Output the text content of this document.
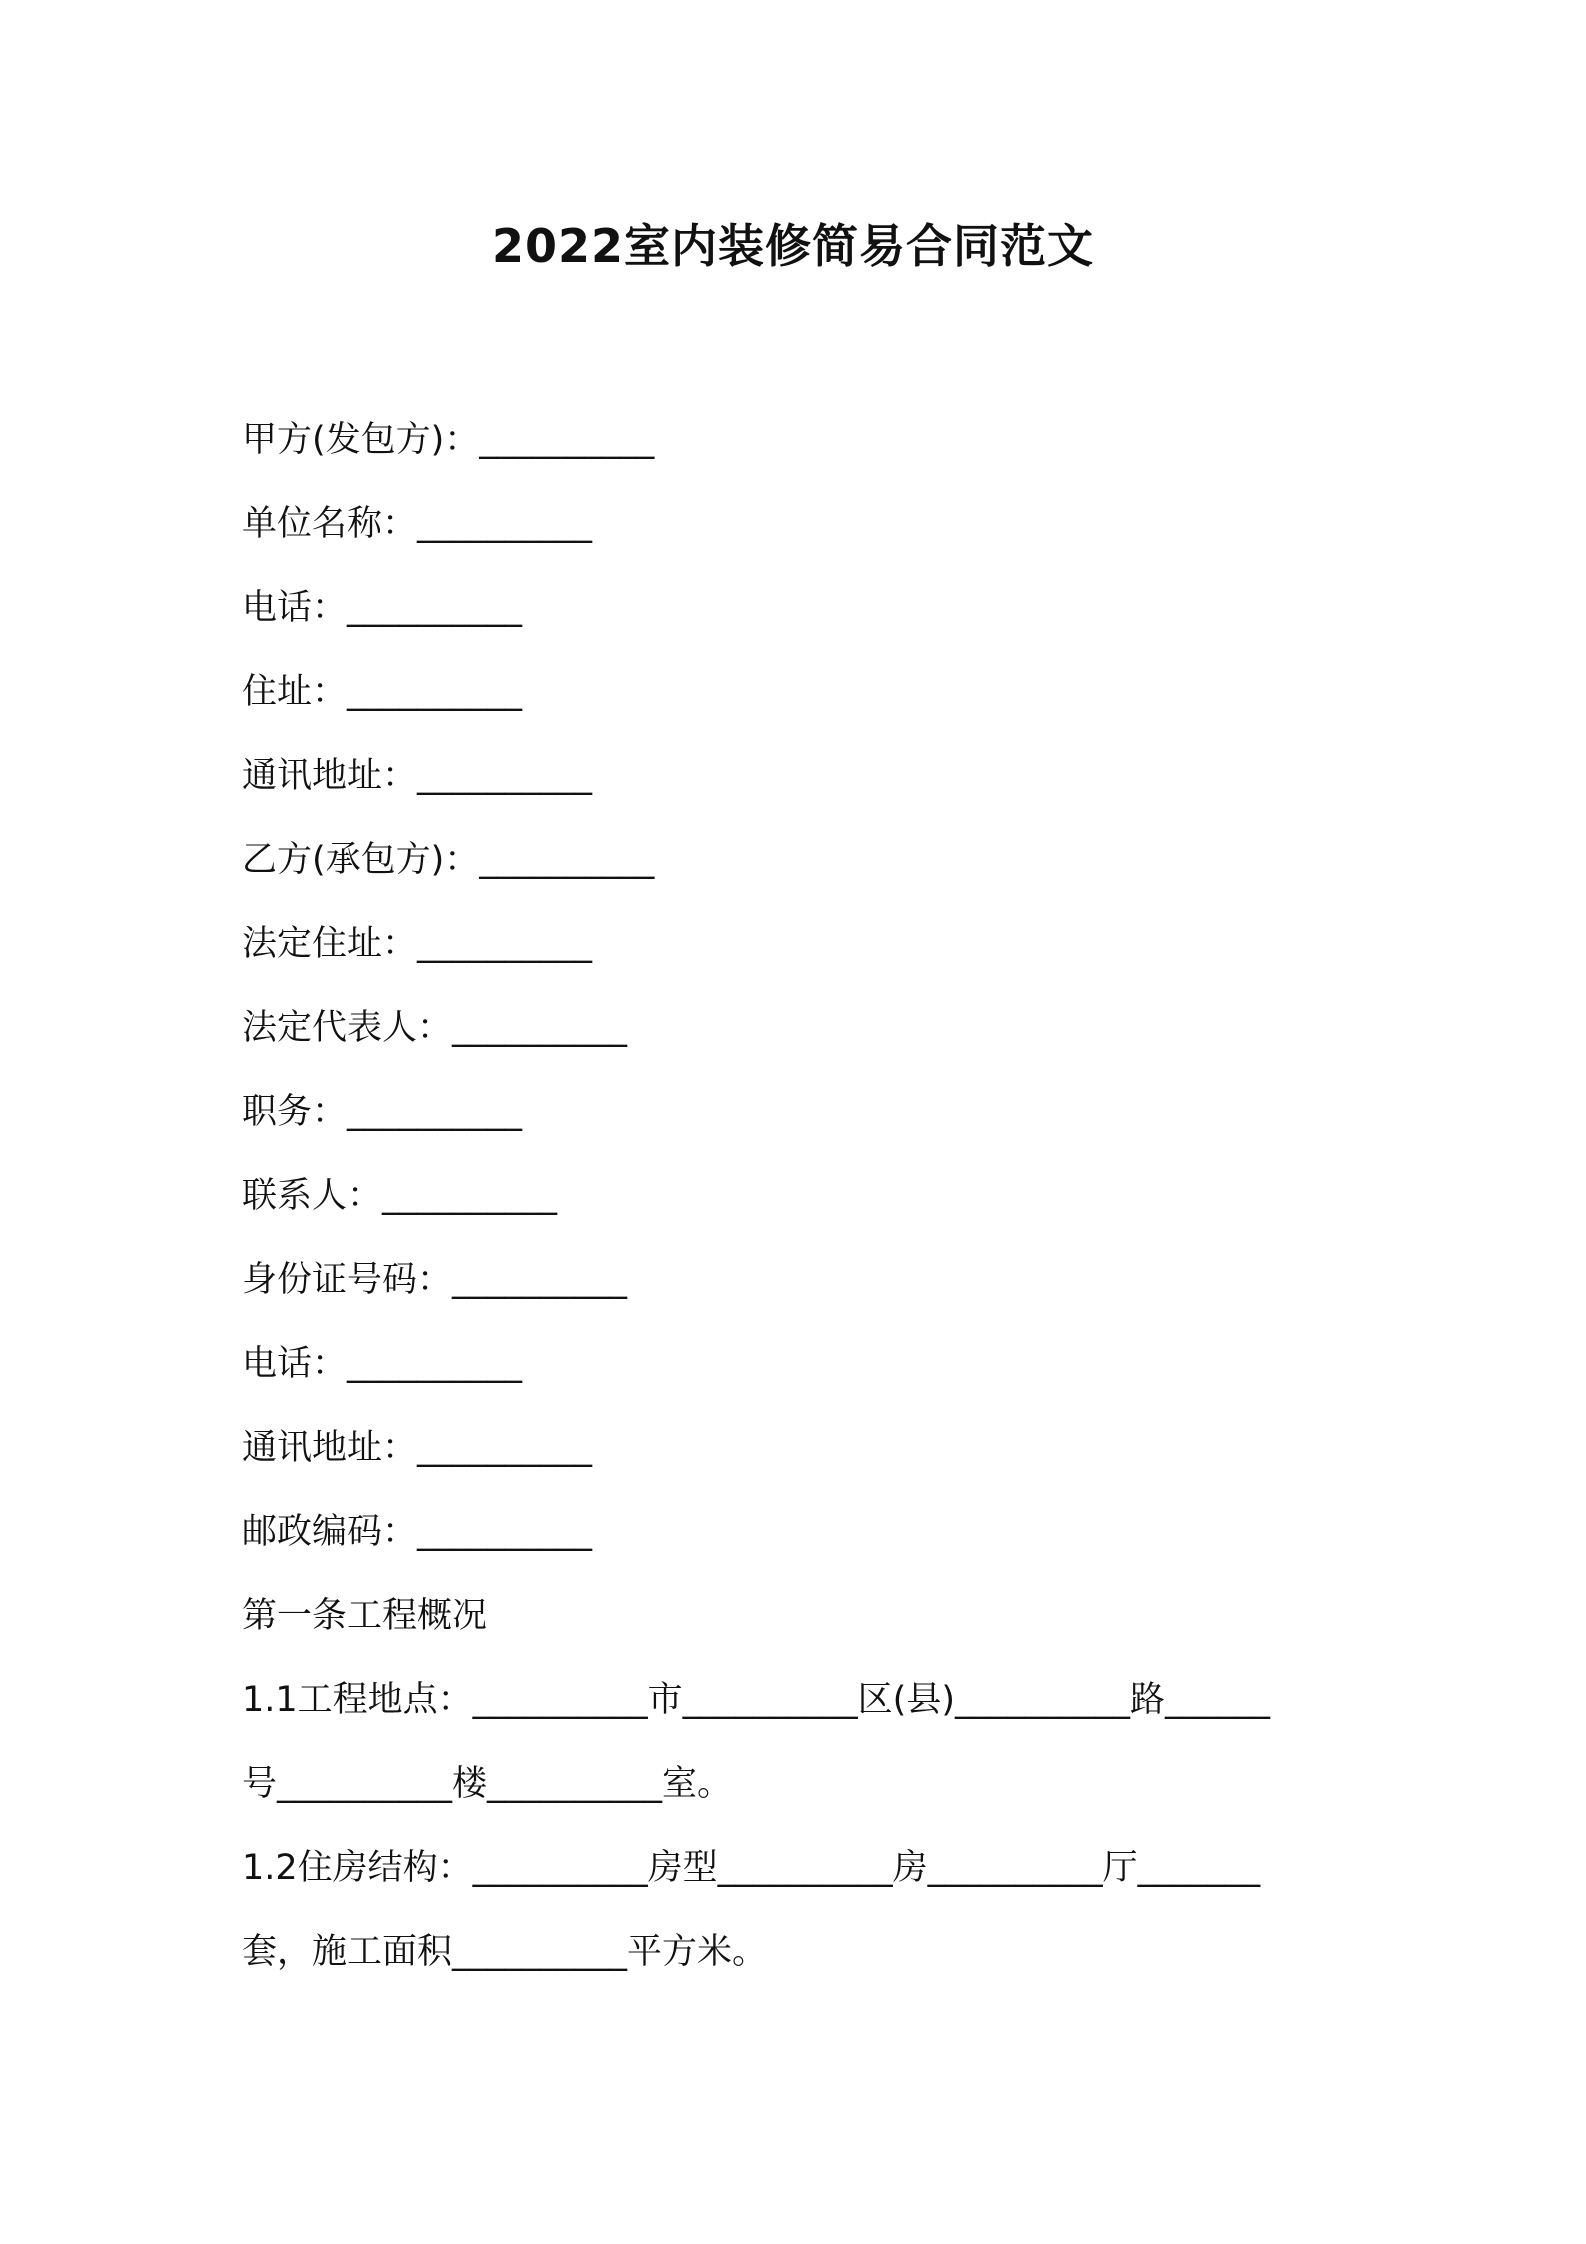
2022室内装修简易合同范文
甲方(发包方)：__________
单位名称：__________
电话：__________
住址：__________
通讯地址：__________
乙方(承包方)：__________
法定住址：__________
法定代表人：__________
职务：__________
联系人：__________
身份证号码：__________
电话：__________
通讯地址：__________
邮政编码：__________
第一条工程概况
1.1工程地点：__________市__________区(县)__________路______
号__________楼__________室。
1.2住房结构：__________房型__________房__________厅_______
套，施工面积__________平方米。
